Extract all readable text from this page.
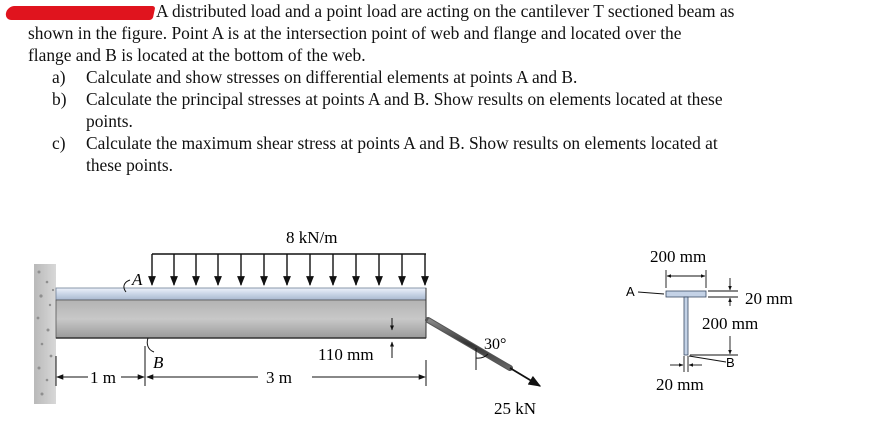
A distributed load and a point load are acting on the cantilever T sectioned beam as

shown in the figure. Point A is at the intersection point of web and flange and located over the

flange and B is located at the bottom of the web.

a) Calculate and show stresses on differential elements at points A and B.
b) Calculate the principal stresses at points A and B. Show results on elements located at these
points.
c) Calculate the maximum shear stress at points A and B. Show results on elements located at
these points.
8 kN/m
A
B	110 mm
1 m	3 m
30°
25 kN
A
200 mm
20 mm
200 mm
B
20 mm
